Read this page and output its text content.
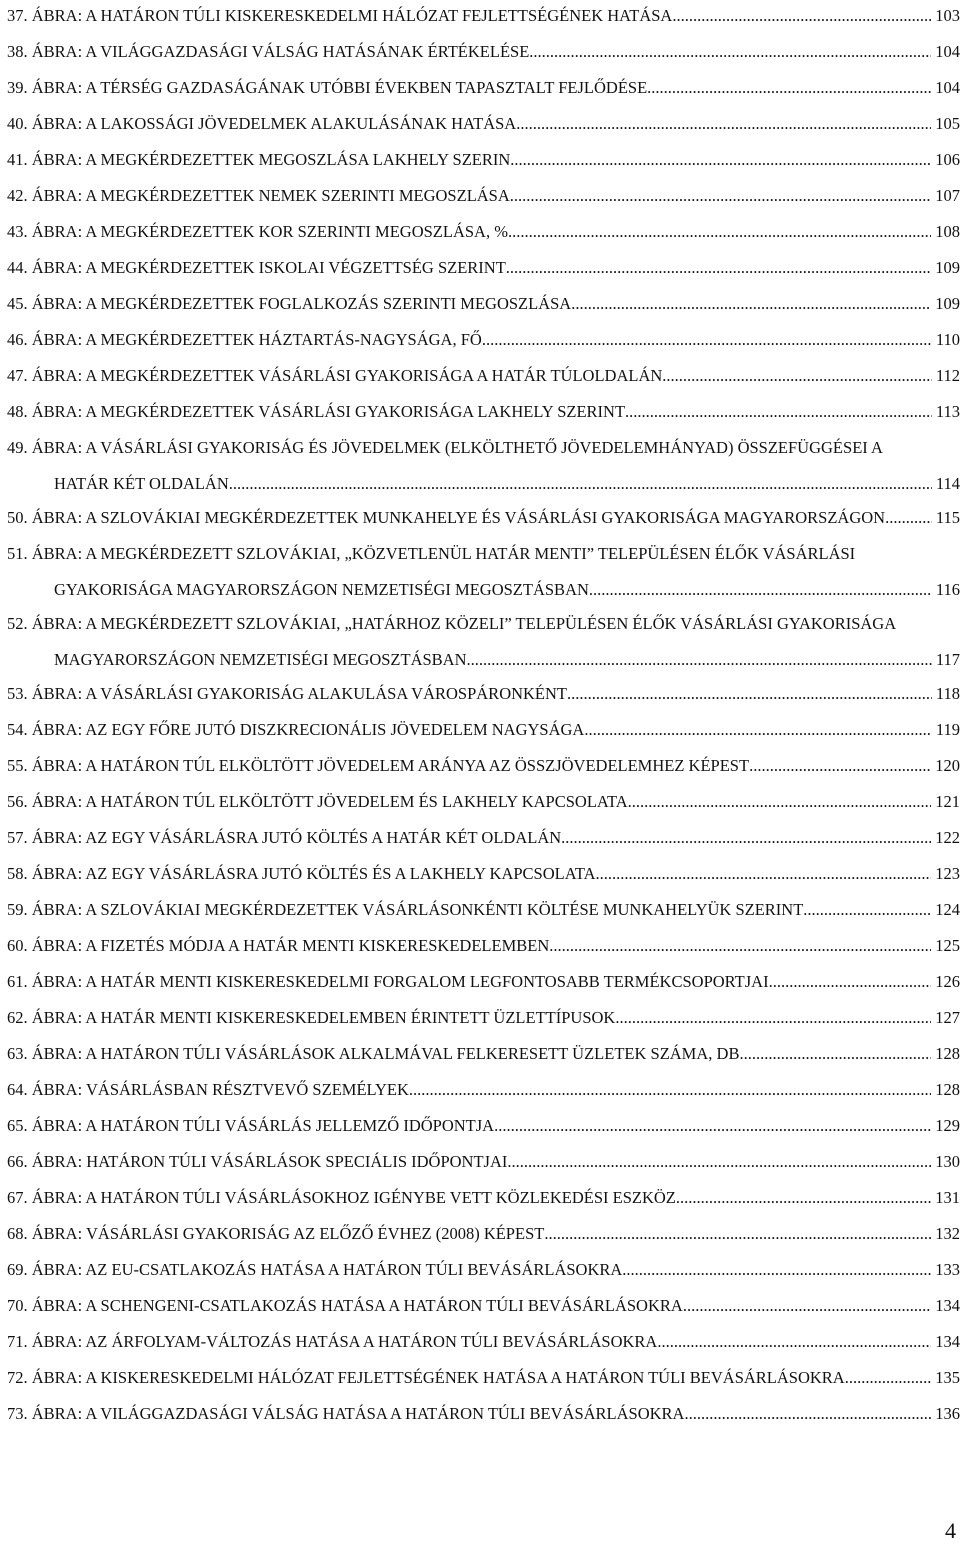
37. ÁBRA: A HATÁRON TÚLI KISKERESKEDELMI HÁLÓZAT FEJLETTSÉGÉNEK HATÁSA .....	103
38. ÁBRA: A VILÁGGAZDASÁGI VÁLSÁG HATÁSÁNAK ÉRTÉKELÉSE .....	104
39. ÁBRA: A TÉRSÉG GAZDASÁGÁNAK UTÓBBI ÉVEKBEN TAPASZTALT FEJLŐDÉSE .....	104
40. ÁBRA: A LAKOSSÁGI JÖVEDELMEK ALAKULÁSÁNAK HATÁSA .....	105
41. ÁBRA: A MEGKÉRDEZETTEK MEGOSZLÁSA LAKHELY SZERIN .....	106
42. ÁBRA: A MEGKÉRDEZETTEK NEMEK SZERINTI MEGOSZLÁSA .....	107
43. ÁBRA: A MEGKÉRDEZETTEK KOR SZERINTI MEGOSZLÁSA, % .....	108
44. ÁBRA: A MEGKÉRDEZETTEK ISKOLAI VÉGZETTSÉG SZERINT .....	109
45. ÁBRA: A MEGKÉRDEZETTEK FOGLALKOZÁS SZERINTI MEGOSZLÁSA .....	109
46. ÁBRA: A MEGKÉRDEZETTEK HÁZTARTÁS-NAGYSÁGA, FŐ .....	110
47. ÁBRA: A MEGKÉRDEZETTEK VÁSÁRLÁSI GYAKORISÁGA A HATÁR TÚLOLDALÁN .....	112
48. ÁBRA: A MEGKÉRDEZETTEK VÁSÁRLÁSI GYAKORISÁGA LAKHELY SZERINT .....	113
49. ÁBRA: A VÁSÁRLÁSI GYAKORISÁG ÉS JÖVEDELMEK (ELKÖLTHETŐ JÖVEDELEMHÁNYAD) ÖSSZEFÜGGÉSEI A
HATÁR KÉT OLDALÁN .....	114
50. ÁBRA: A SZLOVÁKIAI MEGKÉRDEZETTEK MUNKAHELYE ÉS VÁSÁRLÁSI GYAKORISÁGA MAGYARORSZÁGON .....	115
51. ÁBRA: A MEGKÉRDEZETT SZLOVÁKIAI, „KÖZVETLENÜL HATÁR MENTI” TELEPÜLÉSEN ÉLŐK VÁSÁRLÁSI
GYAKORISÁGA MAGYARORSZÁGON NEMZETISÉGI MEGOSZTÁSBAN .....	116
52. ÁBRA: A MEGKÉRDEZETT SZLOVÁKIAI, „HATÁRHOZ KÖZELI” TELEPÜLÉSEN ÉLŐK VÁSÁRLÁSI GYAKORISÁGA
MAGYARORSZÁGON NEMZETISÉGI MEGOSZTÁSBAN .....	117
53. ÁBRA: A VÁSÁRLÁSI GYAKORISÁG ALAKULÁSA VÁROSPÁRONKÉNT .....	118
54. ÁBRA: AZ EGY FŐRE JUTÓ DISZKRECIONÁLIS JÖVEDELEM NAGYSÁGA .....	119
55. ÁBRA: A HATÁRON TÚL ELKÖLTÖTT JÖVEDELEM ARÁNYA AZ ÖSSZJÖVEDELEMHEZ KÉPEST .....	120
56. ÁBRA: A HATÁRON TÚL ELKÖLTÖTT JÖVEDELEM ÉS LAKHELY KAPCSOLATA .....	121
57. ÁBRA: AZ EGY VÁSÁRLÁSRA JUTÓ KÖLTÉS A HATÁR KÉT OLDALÁN .....	122
58. ÁBRA: AZ EGY VÁSÁRLÁSRA JUTÓ KÖLTÉS ÉS A LAKHELY KAPCSOLATA .....	123
59. ÁBRA: A SZLOVÁKIAI MEGKÉRDEZETTEK VÁSÁRLÁSONKÉNTI KÖLTÉSE MUNKAHELYÜK SZERINT .....	124
60. ÁBRA: A FIZETÉS MÓDJA A HATÁR MENTI KISKERESKEDELEMBEN .....	125
61. ÁBRA: A HATÁR MENTI KISKERESKEDELMI FORGALOM LEGFONTOSABB TERMÉKCSOPORTJAI .....	126
62. ÁBRA: A HATÁR MENTI KISKERESKEDELEMBEN ÉRINTETT ÜZLETTÍPUSOK .....	127
63. ÁBRA: A HATÁRON TÚLI VÁSÁRLÁSOK ALKALMÁVAL FELKERESETT ÜZLETEK SZÁMA, DB .....	128
64. ÁBRA: VÁSÁRLÁSBAN RÉSZTVEVŐ SZEMÉLYEK .....	128
65. ÁBRA: A HATÁRON TÚLI VÁSÁRLÁS JELLEMZŐ IDŐPONTJA .....	129
66. ÁBRA: HATÁRON TÚLI VÁSÁRLÁSOK SPECIÁLIS IDŐPONTJAI .....	130
67. ÁBRA: A HATÁRON TÚLI VÁSÁRLÁSOKHOZ IGÉNYBE VETT KÖZLEKEDÉSI ESZKÖZ .....	131
68. ÁBRA: VÁSÁRLÁSI GYAKORISÁG AZ ELŐZŐ ÉVHEZ (2008) KÉPEST .....	132
69. ÁBRA: AZ EU-CSATLAKOZÁS HATÁSA A HATÁRON TÚLI BEVÁSÁRLÁSOKRA .....	133
70. ÁBRA: A SCHENGENI-CSATLAKOZÁS HATÁSA A HATÁRON TÚLI BEVÁSÁRLÁSOKRA .....	134
71. ÁBRA: AZ ÁRFOLYAM-VÁLTOZÁS HATÁSA A HATÁRON TÚLI BEVÁSÁRLÁSOKRA .....	134
72. ÁBRA: A KISKERESKEDELMI HÁLÓZAT FEJLETTSÉGÉNEK HATÁSA A HATÁRON TÚLI BEVÁSÁRLÁSOKRA .....	135
73. ÁBRA: A VILÁGGAZDASÁGI VÁLSÁG HATÁSA A HATÁRON TÚLI BEVÁSÁRLÁSOKRA .....	136
4
